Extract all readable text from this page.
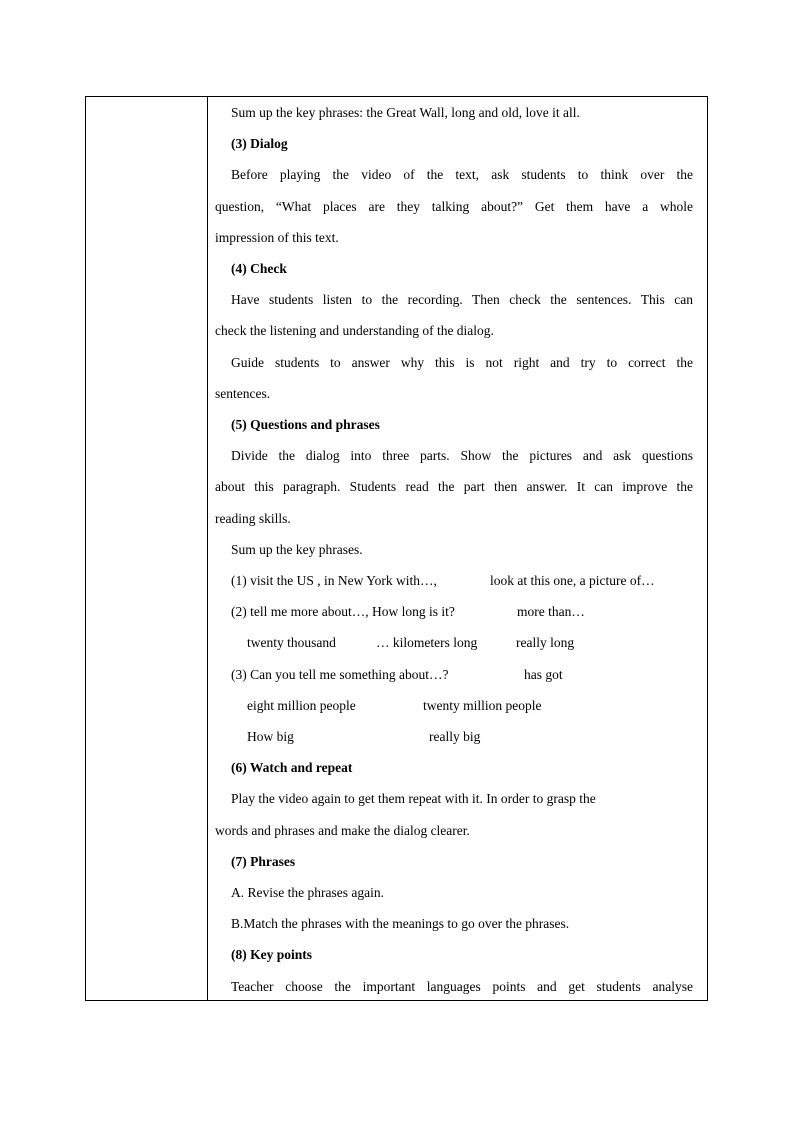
Sum up the key phrases: the Great Wall, long and old, love it all.
(3) Dialog
Before playing the video of the text, ask students to think over the
question, “What places are they talking about?” Get them have a whole
impression of this text.
(4) Check
Have students listen to the recording. Then check the sentences. This can
check the listening and understanding of the dialog.
Guide students to answer why this is not right and try to correct the
sentences.
(5) Questions and phrases
Divide the dialog into three parts. Show the pictures and ask questions
about this paragraph. Students read the part then answer. It can improve the
reading skills.
Sum up the key phrases.
(1) visit the US , in New York with…,	look at this one, a picture of…
(2) tell me more about…, How long is it?	more than…
twenty thousand	… kilometers long	really long
(3) Can you tell me something about…?	has got
eight million people	twenty million people
How big	really big
(6) Watch and repeat
Play the video again to get them repeat with it. In order to grasp the
words and phrases and make the dialog clearer.
(7) Phrases
A. Revise the phrases again.
B.Match the phrases with the meanings to go over the phrases.
(8) Key points
Teacher choose the important languages points and get students analyse
